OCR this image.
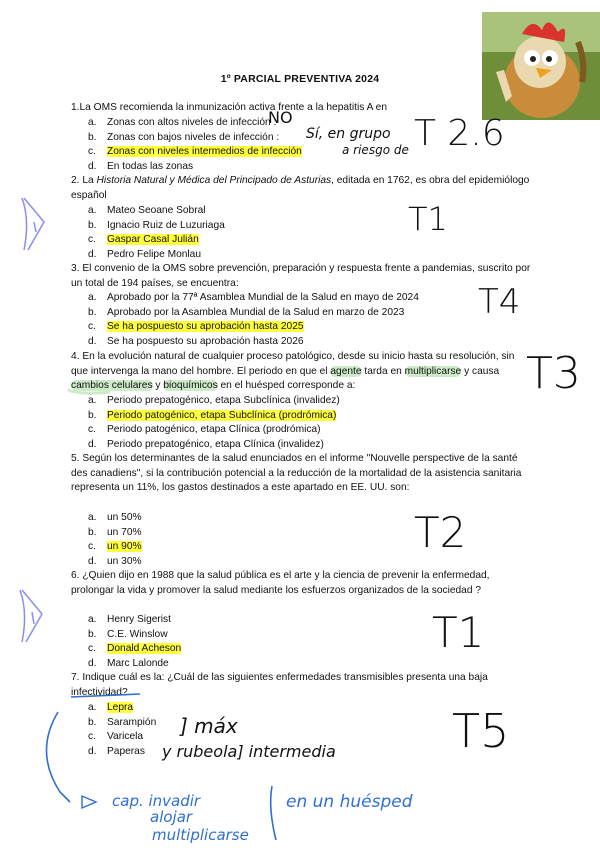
1º PARCIAL PREVENTIVA 2024
1.La OMS recomienda la inmunización activa frente a la hepatitis A en
a. Zonas con altos niveles de infección :
b. Zonas con bajos niveles de infección :
c. Zonas con niveles intermedios de infección
d. En todas las zonas
2. La Historia Natural y Médica del Principado de Asturias, editada en 1762, es obra del epidemiólogo español
a. Mateo Seoane Sobral
b. Ignacio Ruiz de Luzuriaga
c. Gaspar Casal Julián
d. Pedro Felipe Monlau
3. El convenio de la OMS sobre prevención, preparación y respuesta frente a pandemias, suscrito por un total de 194 países, se encuentra:
a. Aprobado por la 77ª Asamblea Mundial de la Salud en mayo de 2024
b. Aprobado por la Asamblea Mundial de la Salud en marzo de 2023
c. Se ha pospuesto su aprobación hasta 2025
d. Se ha pospuesto su aprobación hasta 2026
4. En la evolución natural de cualquier proceso patológico, desde su inicio hasta su resolución, sin que intervenga la mano del hombre. El periodo en que el agente tarda en multiplicarse y causa cambios celulares y bioquímicos en el huésped corresponde a:
a. Periodo prepatogénico, etapa Subclínica (invalidez)
b. Periodo patogénico, etapa Subclínica (prodrómica)
c. Periodo patogénico, etapa Clínica (prodrómica)
d. Periodo prepatogénico, etapa Clínica (invalidez)
5. Según los determinantes de la salud enunciados en el informe "Nouvelle perspective de la santé des canadiens", si la contribución potencial a la reducción de la mortalidad de la asistencia sanitaria representa un 11%, los gastos destinados a este apartado en EE. UU. son:
a. un 50%
b. un 70%
c. un 90%
d. un 30%
6. ¿Quien dijo en 1988 que la salud pública es el arte y la ciencia de prevenir la enfermedad, prolongar la vida y promover la salud mediante los esfuerzos organizados de la sociedad ?
a. Henry Sigerist
b. C.E. Winslow
c. Donald Acheson
d. Marc Lalonde
7. Indique cuál es la: ¿Cuál de las siguientes enfermedades transmisibles presenta una baja infectividad?
a. Lepra
b. Sarampión
c. Varicela
d. Paperas
NO
Sí, en grupo
a riesgo de T 2.6
T1
T4
T3
T2
T1
T5
] máx
y rubeola] intermedia
cap. invadir
alojar
multiplicarse
en un huésped
